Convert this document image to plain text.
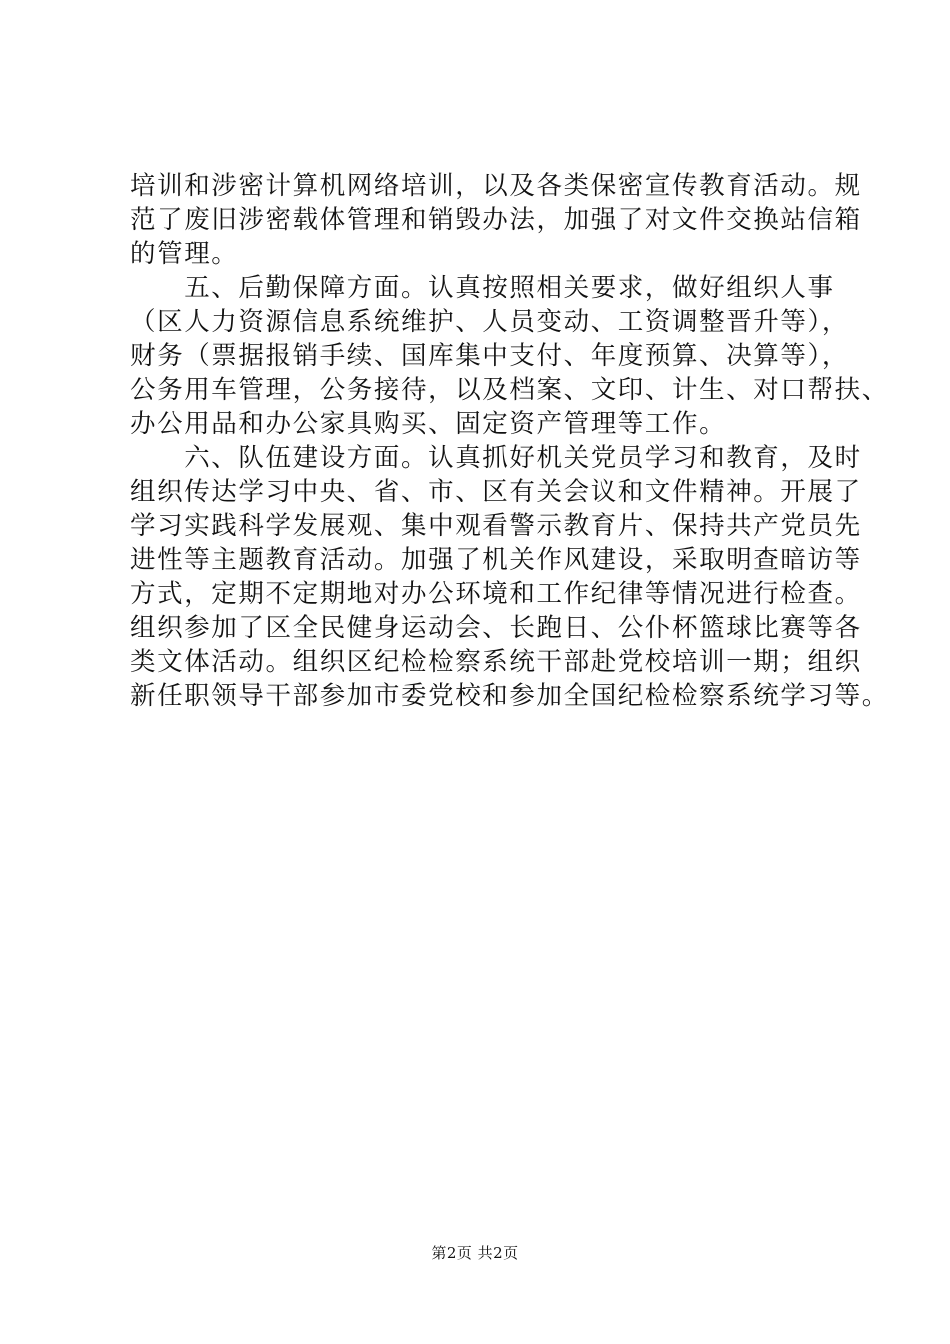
培训和涉密计算机网络培训，以及各类保密宣传教育活动。规
范了废旧涉密载体管理和销毁办法，加强了对文件交换站信箱
的管理。
　　五、后勤保障方面。认真按照相关要求，做好组织人事
（区人力资源信息系统维护、人员变动、工资调整晋升等），
财务（票据报销手续、国库集中支付、年度预算、决算等），
公务用车管理，公务接待，以及档案、文印、计生、对口帮扶、
办公用品和办公家具购买、固定资产管理等工作。
　　六、队伍建设方面。认真抓好机关党员学习和教育，及时
组织传达学习中央、省、市、区有关会议和文件精神。开展了
学习实践科学发展观、集中观看警示教育片、保持共产党员先
进性等主题教育活动。加强了机关作风建设，采取明查暗访等
方式，定期不定期地对办公环境和工作纪律等情况进行检查。
组织参加了区全民健身运动会、长跑日、公仆杯篮球比赛等各
类文体活动。组织区纪检检察系统干部赴党校培训一期；组织
新任职领导干部参加市委党校和参加全国纪检检察系统学习等。
第2页 共2页
